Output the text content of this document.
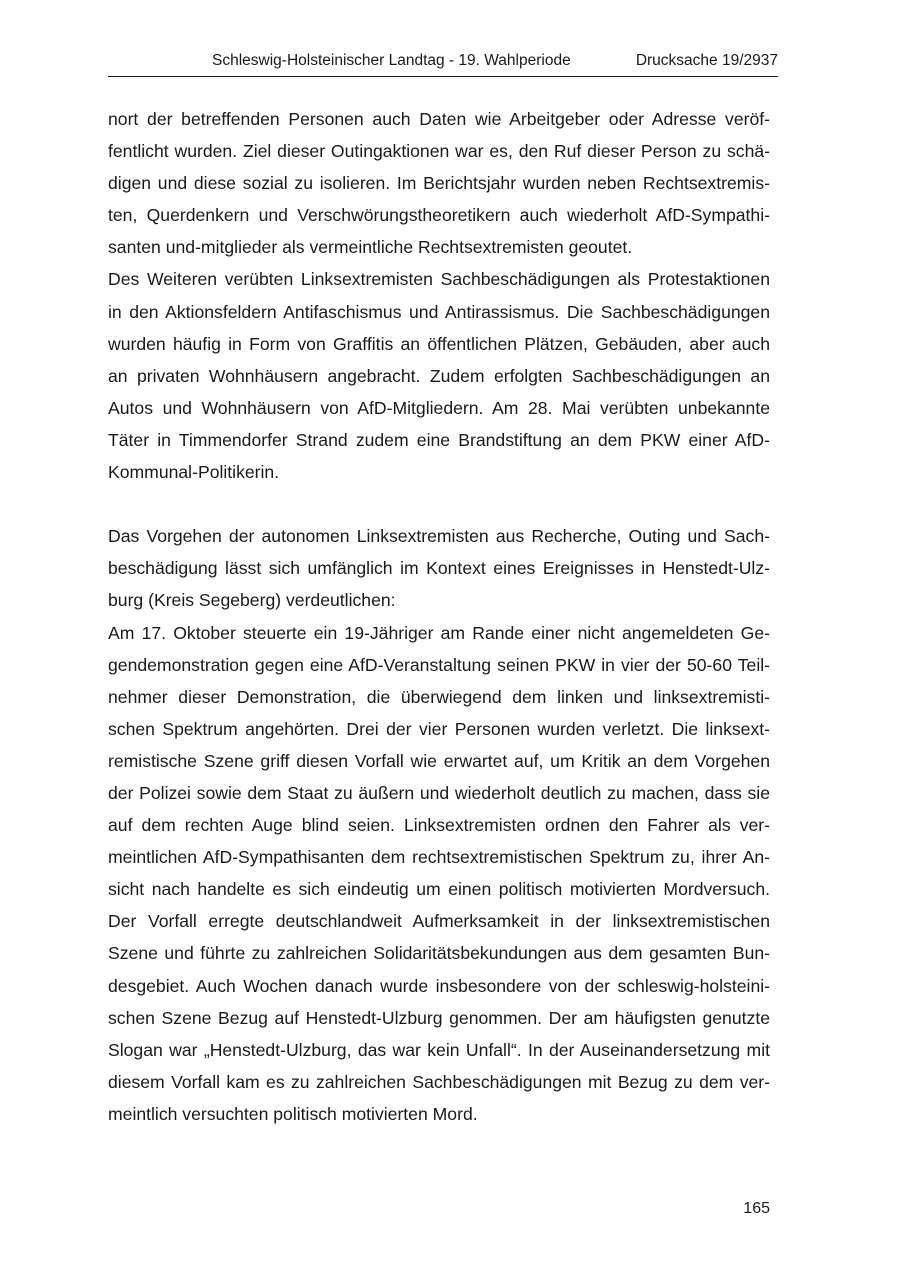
Schleswig-Holsteinischer Landtag - 19. Wahlperiode	Drucksache 19/2937
nort der betreffenden Personen auch Daten wie Arbeitgeber oder Adresse veröf-
fentlicht wurden. Ziel dieser Outingaktionen war es, den Ruf dieser Person zu schä-
digen und diese sozial zu isolieren. Im Berichtsjahr wurden neben Rechtsextremis-
ten, Querdenkern und Verschwörungstheoretikern auch wiederholt AfD-Sympathi-
santen und-mitglieder als vermeintliche Rechtsextremisten geoutet.
Des Weiteren verübten Linksextremisten Sachbeschädigungen als Protestaktionen
in den Aktionsfeldern Antifaschismus und Antirassismus. Die Sachbeschädigungen
wurden häufig in Form von Graffitis an öffentlichen Plätzen, Gebäuden, aber auch
an privaten Wohnhäusern angebracht. Zudem erfolgten Sachbeschädigungen an
Autos und Wohnhäusern von AfD-Mitgliedern. Am 28. Mai verübten unbekannte
Täter in Timmendorfer Strand zudem eine Brandstiftung an dem PKW einer AfD-
Kommunal-Politikerin.
Das Vorgehen der autonomen Linksextremisten aus Recherche, Outing und Sach-
beschädigung lässt sich umfänglich im Kontext eines Ereignisses in Henstedt-Ulz-
burg (Kreis Segeberg) verdeutlichen:
Am 17. Oktober steuerte ein 19-Jähriger am Rande einer nicht angemeldeten Ge-
gendemonstration gegen eine AfD-Veranstaltung seinen PKW in vier der 50-60 Teil-
nehmer dieser Demonstration, die überwiegend dem linken und linksextremisti-
schen Spektrum angehörten. Drei der vier Personen wurden verletzt. Die linksext-
remistische Szene griff diesen Vorfall wie erwartet auf, um Kritik an dem Vorgehen
der Polizei sowie dem Staat zu äußern und wiederholt deutlich zu machen, dass sie
auf dem rechten Auge blind seien. Linksextremisten ordnen den Fahrer als ver-
meintlichen AfD-Sympathisanten dem rechtsextremistischen Spektrum zu, ihrer An-
sicht nach handelte es sich eindeutig um einen politisch motivierten Mordversuch.
Der Vorfall erregte deutschlandweit Aufmerksamkeit in der linksextremistischen
Szene und führte zu zahlreichen Solidaritätsbekundungen aus dem gesamten Bun-
desgebiet. Auch Wochen danach wurde insbesondere von der schleswig-holsteini-
schen Szene Bezug auf Henstedt-Ulzburg genommen. Der am häufigsten genutzte
Slogan war „Henstedt-Ulzburg, das war kein Unfall“. In der Auseinandersetzung mit
diesem Vorfall kam es zu zahlreichen Sachbeschädigungen mit Bezug zu dem ver-
meintlich versuchten politisch motivierten Mord.
165
